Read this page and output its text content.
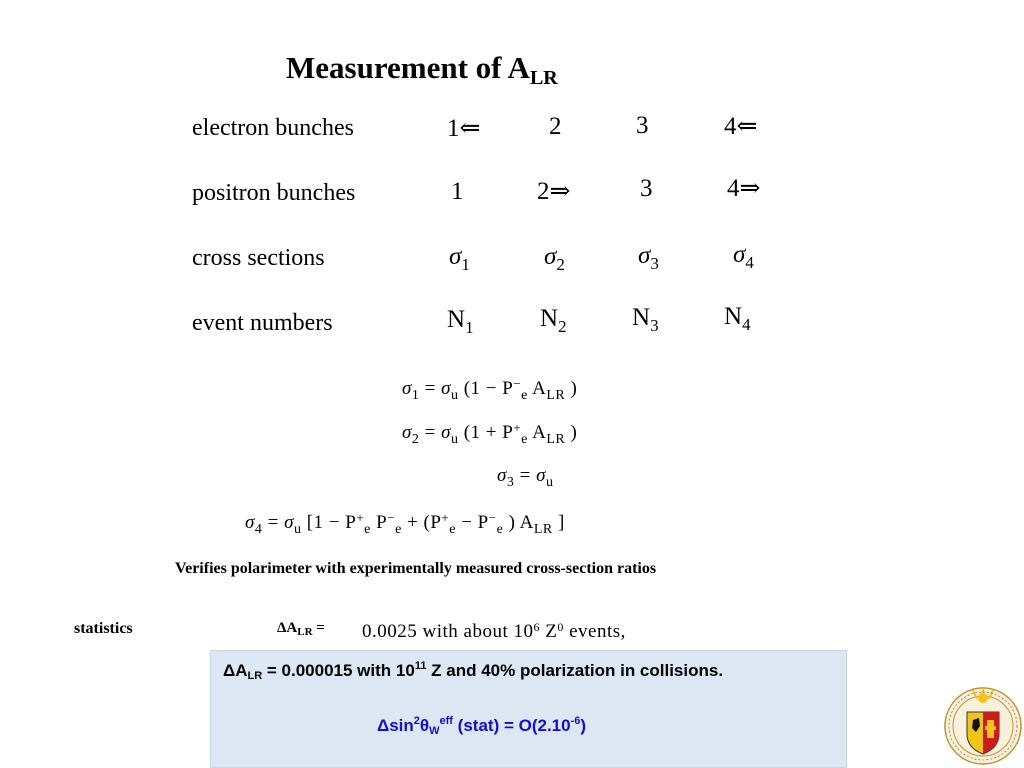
Measurement of $A_{LR}$
electron bunches	1⇐	2	3	4⇐
positron bunches	1	2⇒	3	4⇒
cross sections	$\sigma_1$	$\sigma_2$	$\sigma_3$	$\sigma_4$
event numbers	$N_1$	$N_2$	$N_3$	$N_4$
$\sigma_1 = \sigma_u$ ($1 - P^-_e$ $A_{LR}$ )
$\sigma_2 = \sigma_u$ ($1 + P^+_e$ $A_{LR}$ )
$\sigma_3 = \sigma_u$
$\sigma_4 = \sigma_u$ [$1 - P^+_e$ $P^-_e + (P^+_e - P^-_e$ ) $A_{LR}$ ]
Verifies polarimeter with experimentally measured cross-section ratios
statistics	$\Delta A_{LR} = 0.0025$ with about $10^6$ $Z^0$ events,
$\Delta A_{LR} = 0.000015$ with $10^{11}$ Z and 40% polarization in collisions.
$\Delta\sin^2\theta_W^{eff}$ (stat) = $O(2.10^{-6})$
